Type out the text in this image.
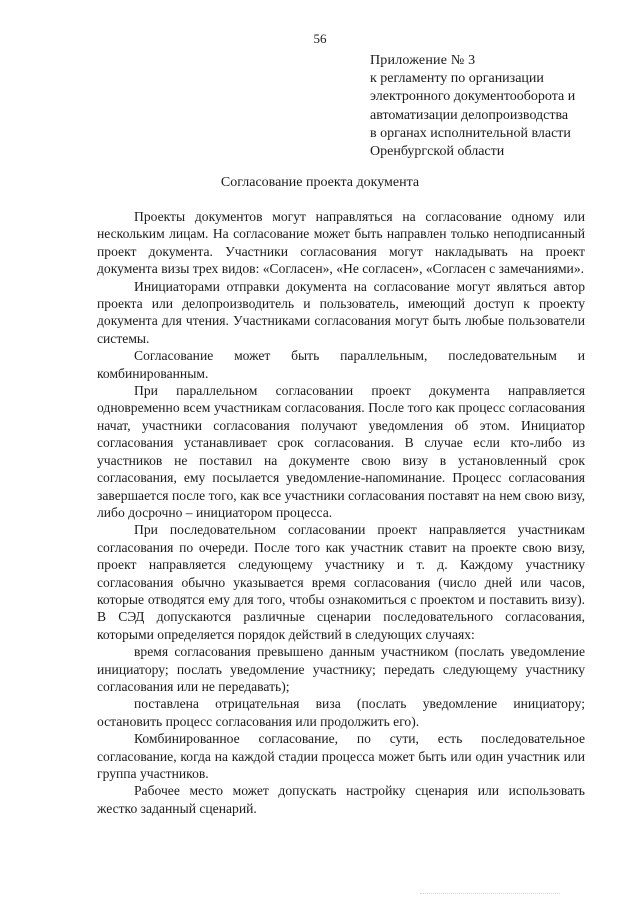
56
Приложение № 3
к регламенту по организации
электронного документооборота и
автоматизации делопроизводства
в органах исполнительной власти
Оренбургской области
Согласование проекта документа

Проекты документов могут направляться на согласование одному или нескольким лицам. На согласование может быть направлен только неподписанный проект документа. Участники согласования могут накладывать на проект документа визы трех видов: «Согласен», «Не согласен», «Согласен с замечаниями».

Инициаторами отправки документа на согласование могут являться автор проекта или делопроизводитель и пользователь, имеющий доступ к проекту документа для чтения. Участниками согласования могут быть любые пользователи системы.

Согласование может быть параллельным, последовательным и комбинированным.

При параллельном согласовании проект документа направляется одновременно всем участникам согласования. После того как процесс согласования начат, участники согласования получают уведомления об этом. Инициатор согласования устанавливает срок согласования. В случае если кто-либо из участников не поставил на документе свою визу в установленный срок согласования, ему посылается уведомление-напоминание. Процесс согласования завершается после того, как все участники согласования поставят на нем свою визу, либо досрочно – инициатором процесса.

При последовательном согласовании проект направляется участникам согласования по очереди. После того как участник ставит на проекте свою визу, проект направляется следующему участнику и т. д. Каждому участнику согласования обычно указывается время согласования (число дней или часов, которые отводятся ему для того, чтобы ознакомиться с проектом и поставить визу). В СЭД допускаются различные сценарии последовательного согласования, которыми определяется порядок действий в следующих случаях:

время согласования превышено данным участником (послать уведомление инициатору; послать уведомление участнику; передать следующему участнику согласования или не передавать);

поставлена отрицательная виза (послать уведомление инициатору; остановить процесс согласования или продолжить его).

Комбинированное согласование, по сути, есть последовательное согласование, когда на каждой стадии процесса может быть или один участник или группа участников.

Рабочее место может допускать настройку сценария или использовать жестко заданный сценарий.
